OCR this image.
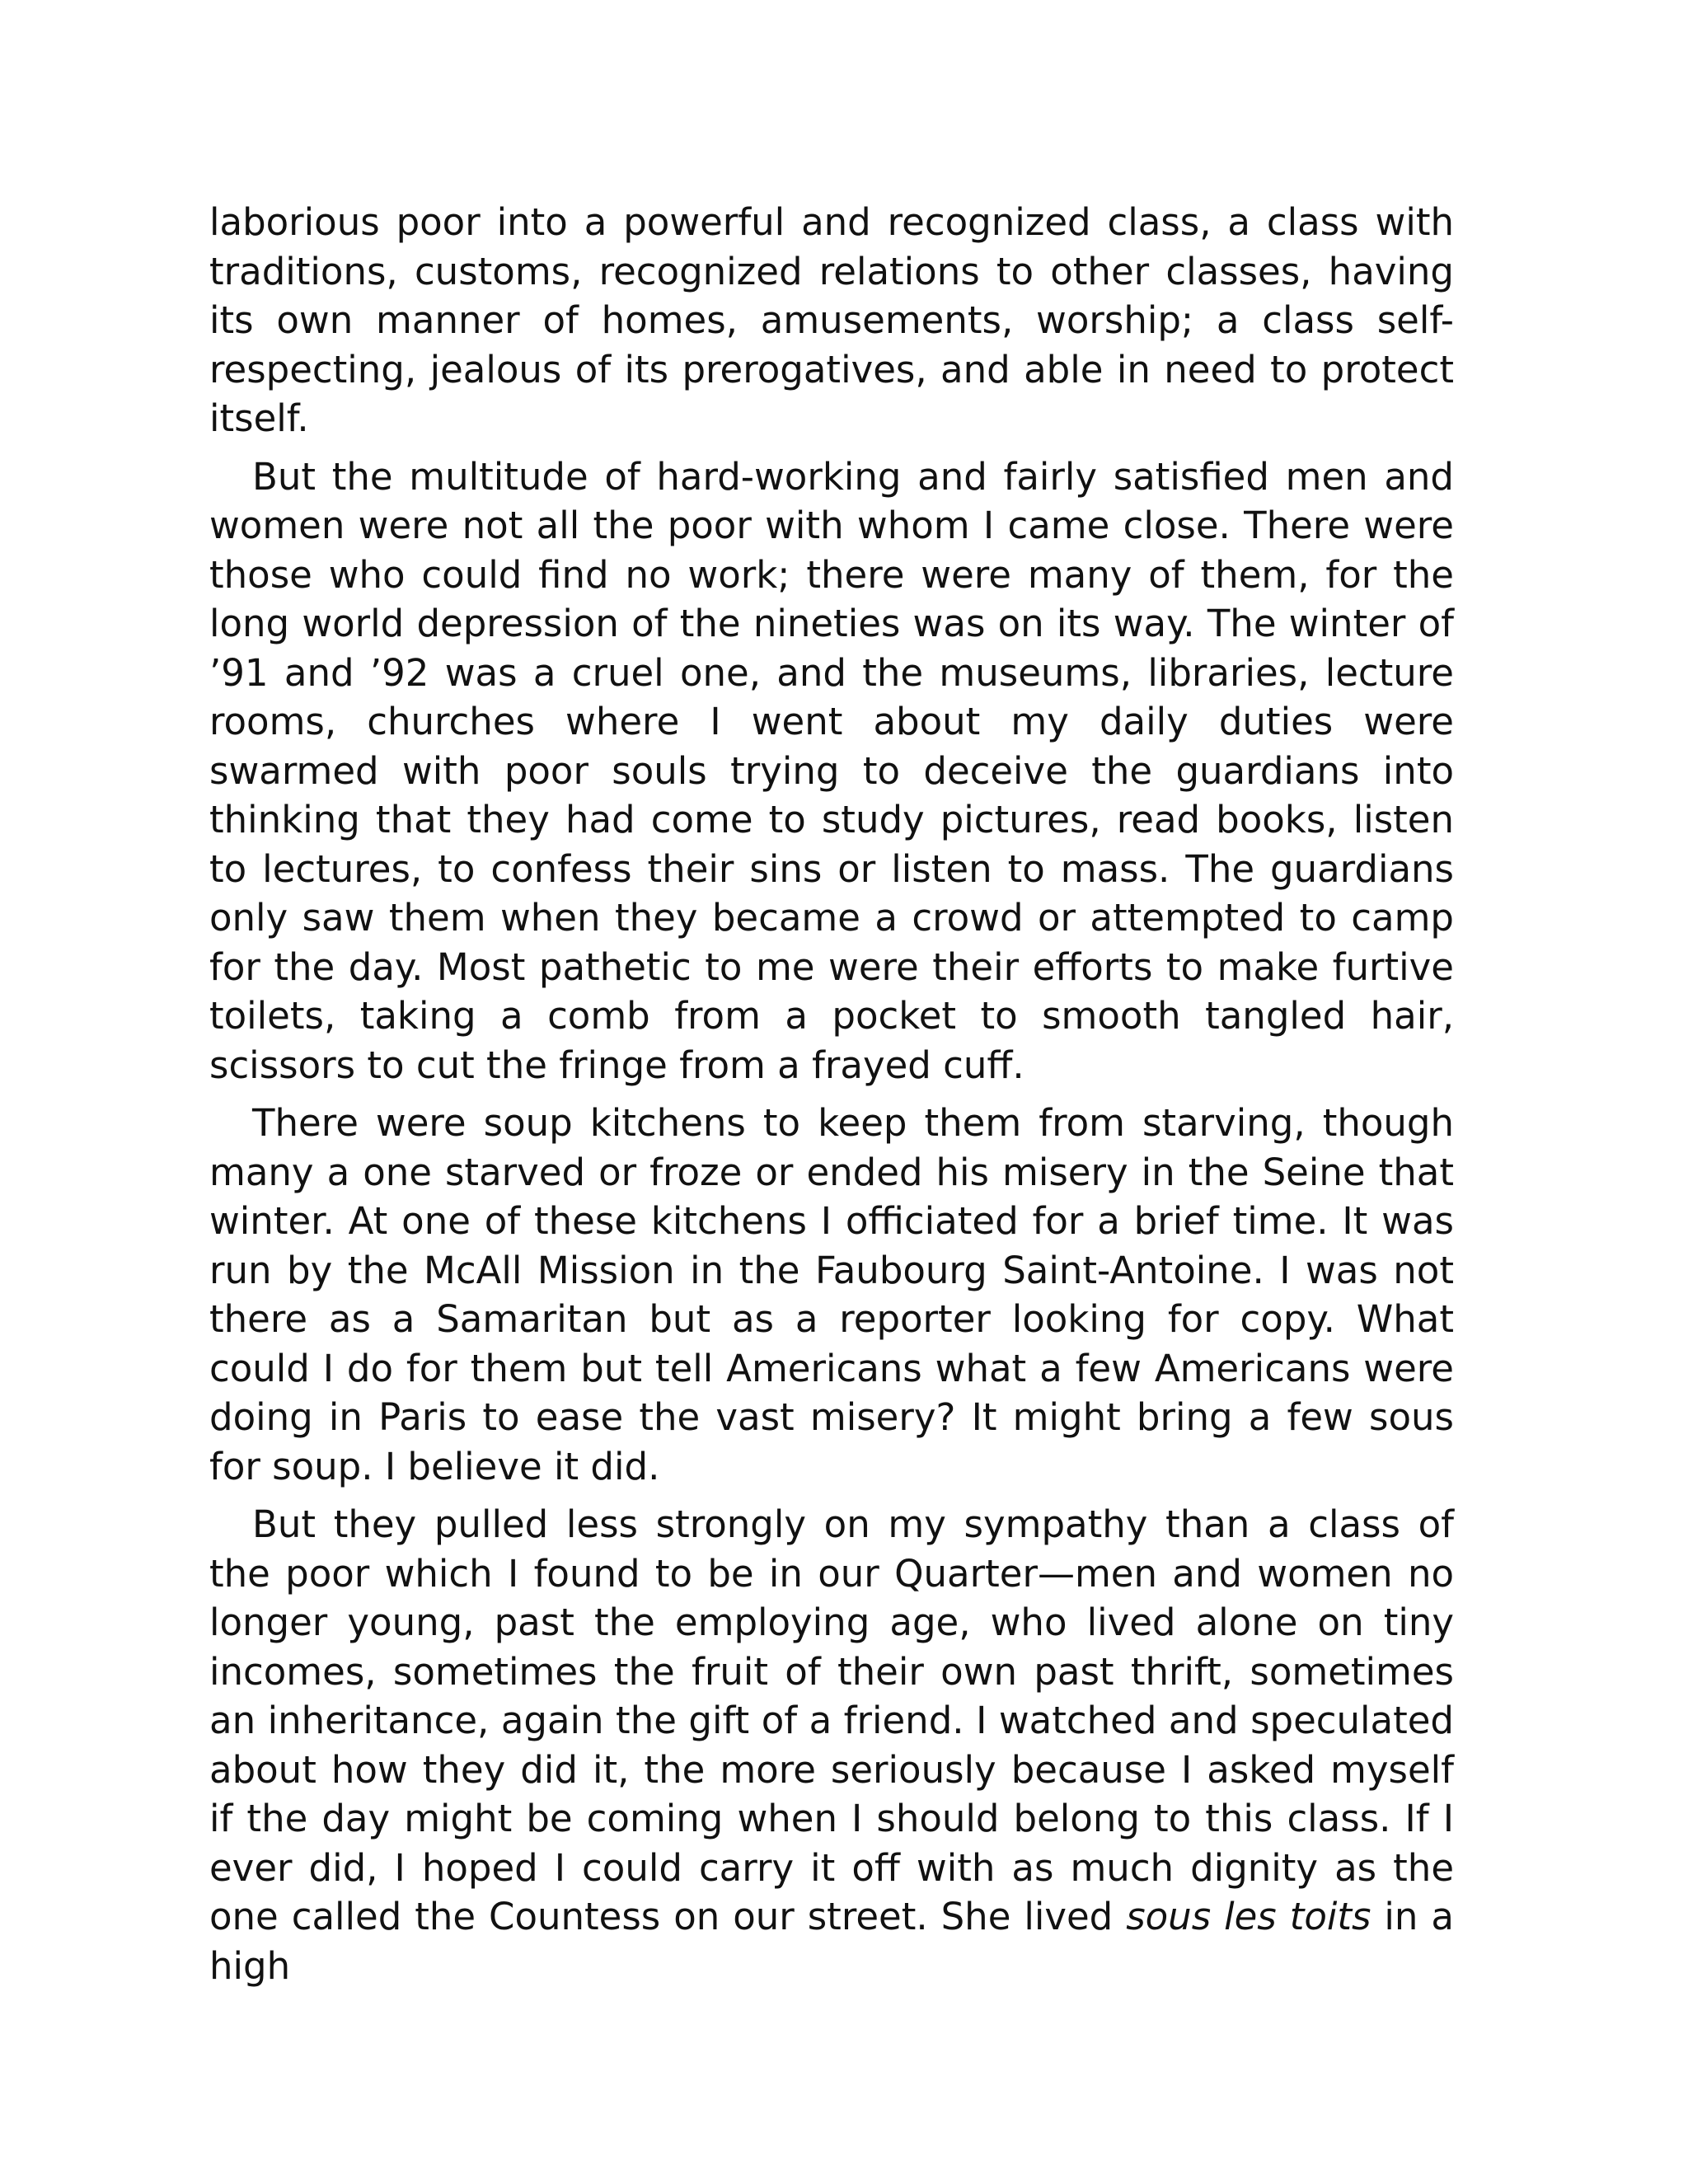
laborious poor into a powerful and recognized class, a class with traditions, customs, recognized relations to other classes, having its own manner of homes, amusements, worship; a class self-respecting, jealous of its prerogatives, and able in need to protect itself.

But the multitude of hard-working and fairly satisfied men and women were not all the poor with whom I came close. There were those who could find no work; there were many of them, for the long world depression of the nineties was on its way. The winter of ’91 and ’92 was a cruel one, and the museums, libraries, lecture rooms, churches where I went about my daily duties were swarmed with poor souls trying to deceive the guardians into thinking that they had come to study pictures, read books, listen to lectures, to confess their sins or listen to mass. The guardians only saw them when they became a crowd or attempted to camp for the day. Most pathetic to me were their efforts to make furtive toilets, taking a comb from a pocket to smooth tangled hair, scissors to cut the fringe from a frayed cuff.

There were soup kitchens to keep them from starving, though many a one starved or froze or ended his misery in the Seine that winter. At one of these kitchens I officiated for a brief time. It was run by the McAll Mission in the Faubourg Saint-Antoine. I was not there as a Samaritan but as a reporter looking for copy. What could I do for them but tell Americans what a few Americans were doing in Paris to ease the vast misery? It might bring a few sous for soup. I believe it did.

But they pulled less strongly on my sympathy than a class of the poor which I found to be in our Quarter—men and women no longer young, past the employing age, who lived alone on tiny incomes, sometimes the fruit of their own past thrift, sometimes an inheritance, again the gift of a friend. I watched and speculated about how they did it, the more seriously because I asked myself if the day might be coming when I should belong to this class. If I ever did, I hoped I could carry it off with as much dignity as the one called the Countess on our street. She lived sous les toits in a high
